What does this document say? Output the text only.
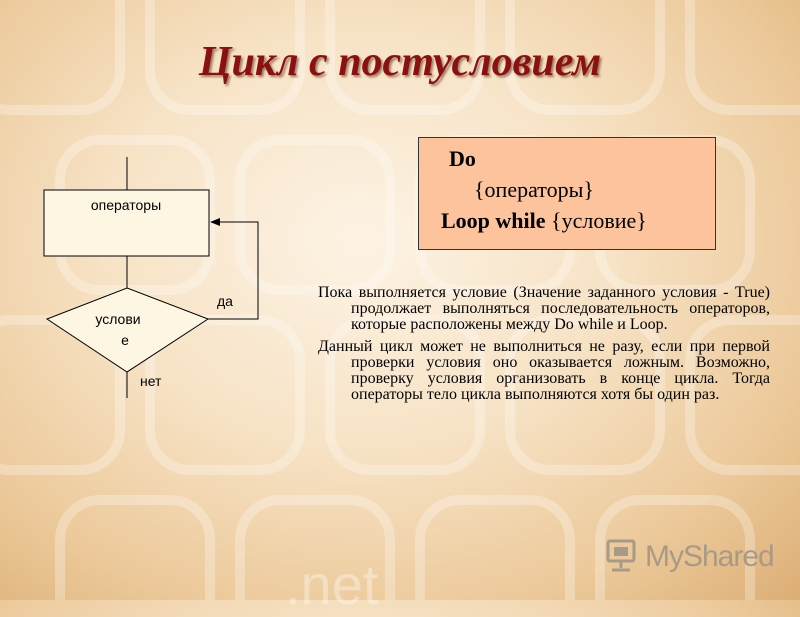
.net
Цикл с постусловием
операторы
услови
е
да
нет
Do
{операторы}
Loop while {условие}

Пока выполняется условие (Значение заданного условия - True) продолжает выполняться последовательность операторов, которые расположены между Do while и Loop.

Данный цикл может не выполниться не разу, если при первой проверки условия оно оказывается ложным. Возможно, проверку условия организовать в конце цикла. Тогда операторы тело цикла выполняются хотя бы один раз.

MyShared
